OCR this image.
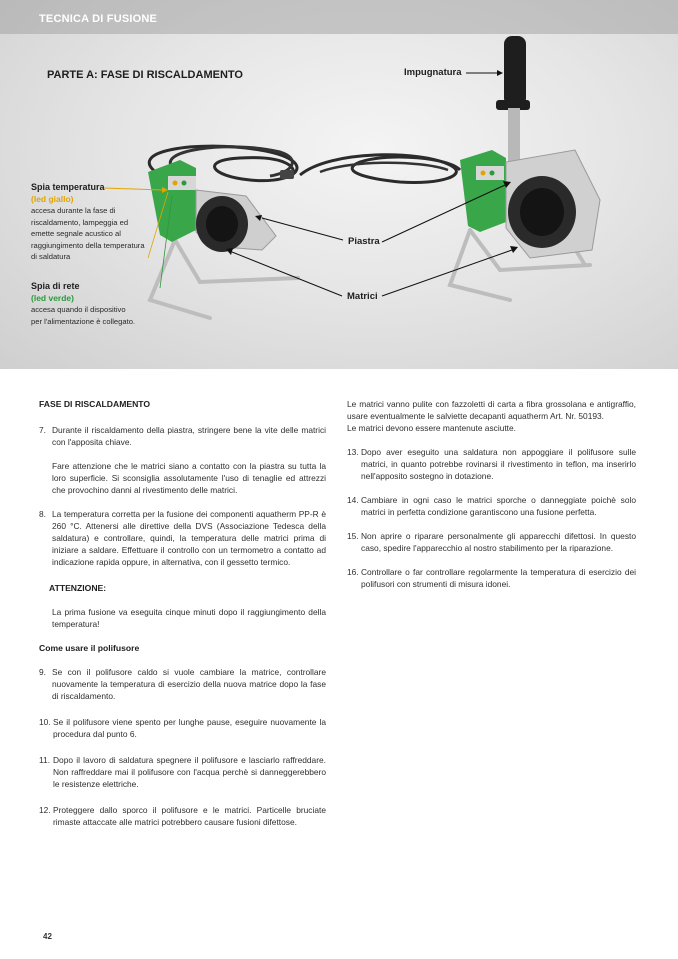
TECNICA DI FUSIONE
PARTE A: FASE DI RISCALDAMENTO	Impugnatura
Piastra
Matrici
Spia temperatura
(led giallo)
accesa durante la fase di
riscaldamento, lampeggia ed
emette segnale acustico al
raggiungimento della temperatura
di saldatura
Spia di rete
(led verde)
accesa quando il dispositivo
per l'alimentazione è collegato.
FASE DI RISCALDAMENTO
7. Durante il riscaldamento della piastra, stringere bene la vite delle matrici con l'apposita chiave.
Fare attenzione che le matrici siano a contatto con la piastra su tutta la loro superficie. Si sconsiglia assolutamente l'uso di tenaglie ed attrezzi che provochino danni al rivestimento delle matrici.
8. La temperatura corretta per la fusione dei componenti aquatherm PP-R è 260 °C. Attenersi alle direttive della DVS (Associazione Tedesca della saldatura) e controllare, quindi, la temperatura delle matrici prima di iniziare a saldare. Effettuare il controllo con un termometro a contatto ad indicazione rapida oppure, in alternativa, con il gessetto termico.
ATTENZIONE:
La prima fusione va eseguita cinque minuti dopo il raggiungimento della temperatura!
Come usare il polifusore
9. Se con il polifusore caldo si vuole cambiare la matrice, controllare nuovamente la temperatura di esercizio della nuova matrice dopo la fase di riscaldamento.
10. Se il polifusore viene spento per lunghe pause, eseguire nuovamente la procedura dal punto 6.
11. Dopo il lavoro di saldatura spegnere il polifusore e lasciarlo raffreddare. Non raffreddare mai il polifusore con l'acqua perchè si danneggerebbero le resistenze elettriche.
12. Proteggere dallo sporco il polifusore e le matrici. Particelle bruciate rimaste attaccate alle matrici potrebbero causare fusioni difettose.
Le matrici vanno pulite con fazzoletti di carta a fibra grossolana e antigraffio, usare eventualmente le salviette decapanti aquatherm Art. Nr. 50193.
Le matrici devono essere mantenute asciutte.
13. Dopo aver eseguito una saldatura non appoggiare il polifusore sulle matrici, in quanto potrebbe rovinarsi il rivestimento in teflon, ma inserirlo nell'apposito sostegno in dotazione.
14. Cambiare in ogni caso le matrici sporche o danneggiate poichè solo matrici in perfetta condizione garantiscono una fusione perfetta.
15. Non aprire o riparare personalmente gli apparecchi difettosi. In questo caso, spedire l'apparecchio al nostro stabilimento per la riparazione.
16. Controllare o far controllare regolarmente la temperatura di esercizio dei polifusori con strumenti di misura idonei.
42
